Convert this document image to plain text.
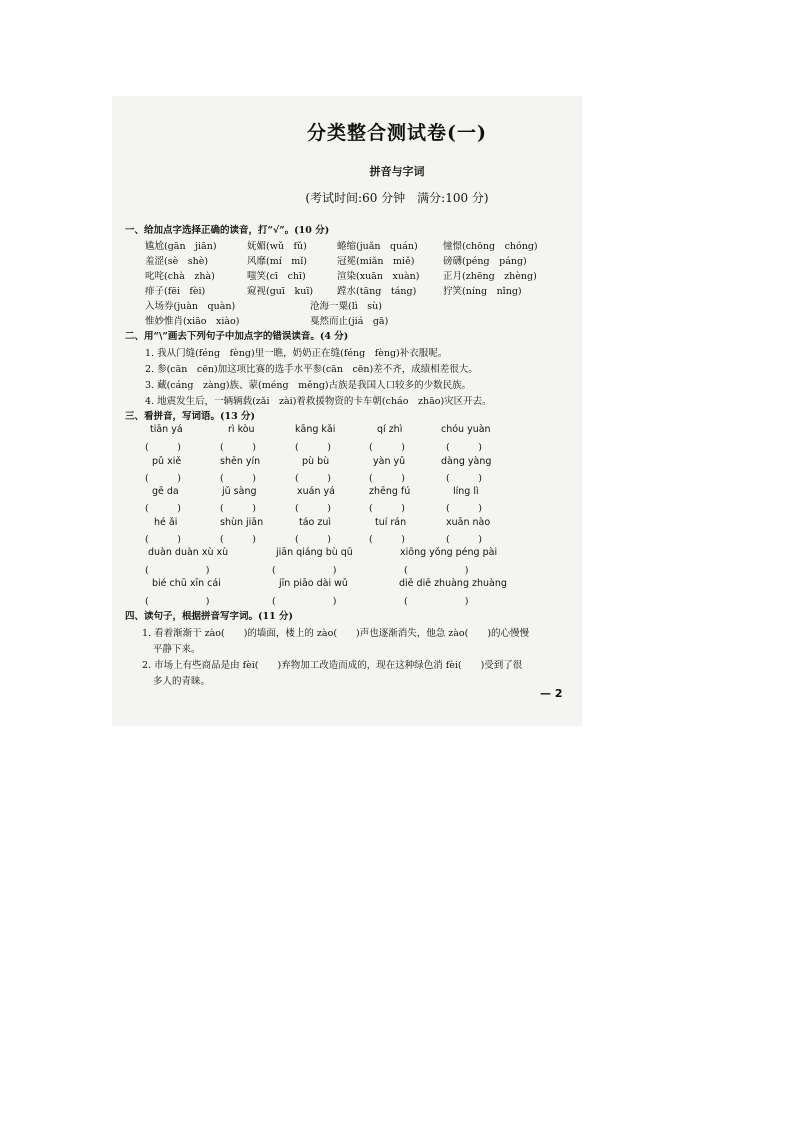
分类整合测试卷(一)
拼音与字词
(考试时间:60 分钟　满分:100 分)
一、给加点字选择正确的读音，打“√”。(10 分)
尴尬(gān　jiān)	妩媚(wǔ　fǔ)	蜷缩(juǎn　quán)	憧憬(chōng　chóng)
羞涩(sè　shè)	风靡(mí　mǐ)	冠冕(miǎn　miě)	磅礴(péng　páng)
叱咤(chà　zhà)	嗤笑(cī　chī)	渲染(xuān　xuàn) 正月(zhēng　zhèng)
痱子(fēi　fèi)	窥视(guī　kuī)	蹚水(tāng　táng)	狞笑(níng　nǐng)
入场券(juàn　quàn)	沧海一粟(lì　sù)
惟妙惟肖(xiāo　xiào)	戛然而止(jiá　gā)
二、用“\”画去下列句子中加点字的错误读音。(4 分)
1. 我从门缝(féng　fèng)里一瞧，奶奶正在缝(féng　fèng)补衣服呢。
2. 参(cān　cēn)加这项比赛的选手水平参(cān　cēn)差不齐，成绩相差很大。
3. 藏(cáng　zàng)族、蒙(méng　měng)古族是我国人口较多的少数民族。
4. 地震发生后，一辆辆载(zǎi　zài)着救援物资的卡车朝(cháo　zhāo)灾区开去。
三、看拼音，写词语。(13 分)
tiān yá	rì kòu	kāng kǎi	qí zhì	chóu yuàn
(　　　)	(　　　)	(　　　)	(　　　)	(　　　)
pǔ xiě	shēn yín	pù bù	yàn yǔ	dàng yàng
(　　　)	(　　　)	(　　　)	(　　　)	(　　　)
gē da	jǔ sàng	xuán yá	zhēng fú	líng lì
(　　　)	(　　　)	(　　　)	(　　　)	(　　　)
hé ǎi	shùn jiān	táo zuì	tuí rán	xuān nào
(　　　)	(　　　)	(　　　)	(　　　)	(　　　)
duàn duàn xù xù	jiān qiáng bù qū	xiōng yǒng péng pài
(　　　　　　)	(　　　　　　)	(　　　　　　)
bié chū xīn cái	jīn piāo dài wǔ	diē diē zhuàng zhuàng
(　　　　　　)	(　　　　　　)	(　　　　　　)
四、读句子，根据拼音写字词。(11 分)
1. 看着渐渐干 zào(　　)的墙面，楼上的 zào(　　)声也逐渐消失，他急 zào(　　)的心慢慢
平静下来。
2. 市场上有些商品是由 fèi(　　)弃物加工改造而成的，现在这种绿色消 fèi(　　)受到了很
多人的青睐。
— 2
